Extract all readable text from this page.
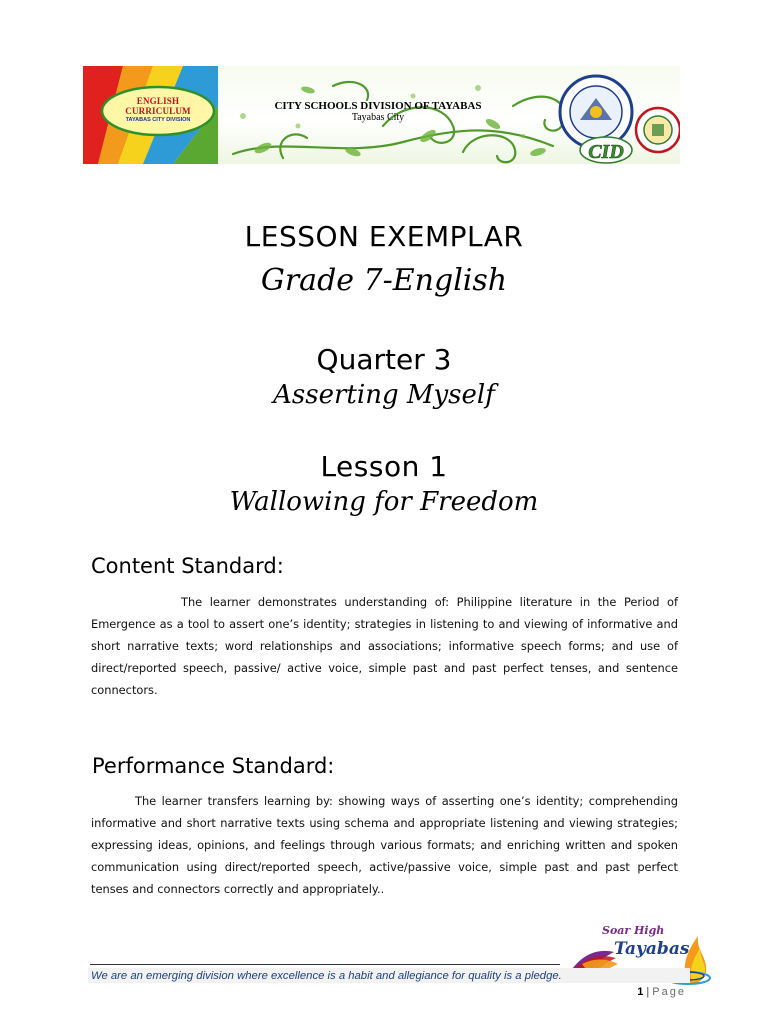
ENGLISH CURRICULUM
TAYABAS CITY DIVISION
CITY SCHOOLS DIVISION OF TAYABAS
Tayabas City
CID
LESSON EXEMPLAR
Grade 7-English
Quarter 3
Asserting Myself
Lesson 1
Wallowing for Freedom
Content Standard:
The learner demonstrates understanding of: Philippine literature in the Period of Emergence as a tool to assert one’s identity; strategies in listening to and viewing of informative and short narrative texts; word relationships and associations; informative speech forms; and use of direct/reported speech, passive/ active voice, simple past and past perfect tenses, and sentence connectors.
Performance Standard:
The learner transfers learning by: showing ways of asserting one’s identity; comprehending informative and short narrative texts using schema and appropriate listening and viewing strategies; expressing ideas, opinions, and feelings through various formats; and enriching written and spoken communication using direct/reported speech, active/passive voice, simple past and past perfect tenses and connectors correctly and appropriately..
Soar High
Tayabas
We are an emerging division where excellence is a habit and allegiance for quality is a pledge.
1 | Page
